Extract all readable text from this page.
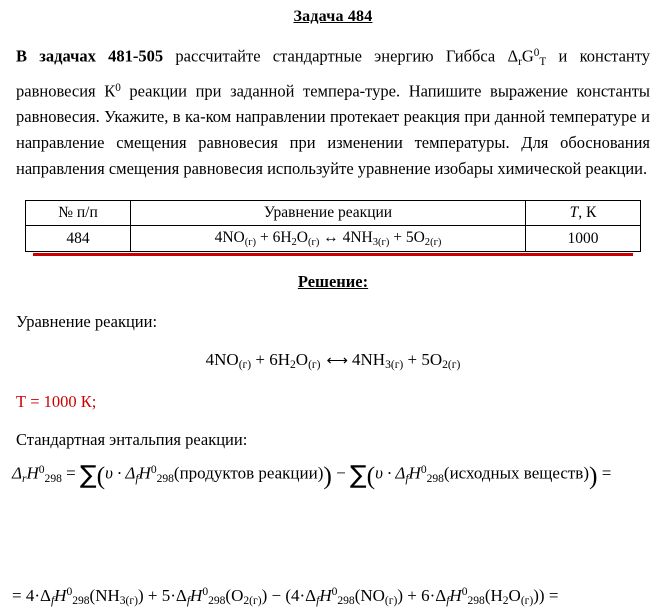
Задача 484
В задачах 481-505 рассчитайте стандартные энергию Гиббса $\Delta_rG^0_T$ и константу равновесия $К^0$ реакции при заданной темпера-туре. Напишите выражение константы равновесия. Укажите, в ка-ком направлении протекает реакция при данной температуре и направление смещения равновесия при изменении температуры. Для обоснования направления смещения равновесия используйте уравнение изобары химической реакции.
№ п/п	Уравнение реакции	T, К
484	$4NO_{(г)} + 6H_2O_{(г)}$ ↔ $4NH_{3(г)} + 5O_{2(г)}$	1000
Решение:
Уравнение реакции:
$4NO_{(г)} + 6H_2O_{(г)}$ ⟷ $4NH_{3(г)} + 5O_{2(г)}$
Т = 1000 К;
Стандартная энтальпия реакции:
$\Delta_rH^0_{298} = \sum(\upsilon$ · $\Delta_fH^0_{298}(продуктов$ реакции)) − $\sum(\upsilon \cdot \Delta_fH^0_{298}(исходных$ веществ)) =
= $4\cdot\Delta_fH^0_{298}(NH_{3(г)}) + 5\cdot\Delta_fH^0_{298}(O_{2(г)}) - (4\cdot\Delta_fH^0_{298}(NO_{(г)}) + 6\cdot\Delta_fH^0_{298}(H_2O_{(г)}))$ =
